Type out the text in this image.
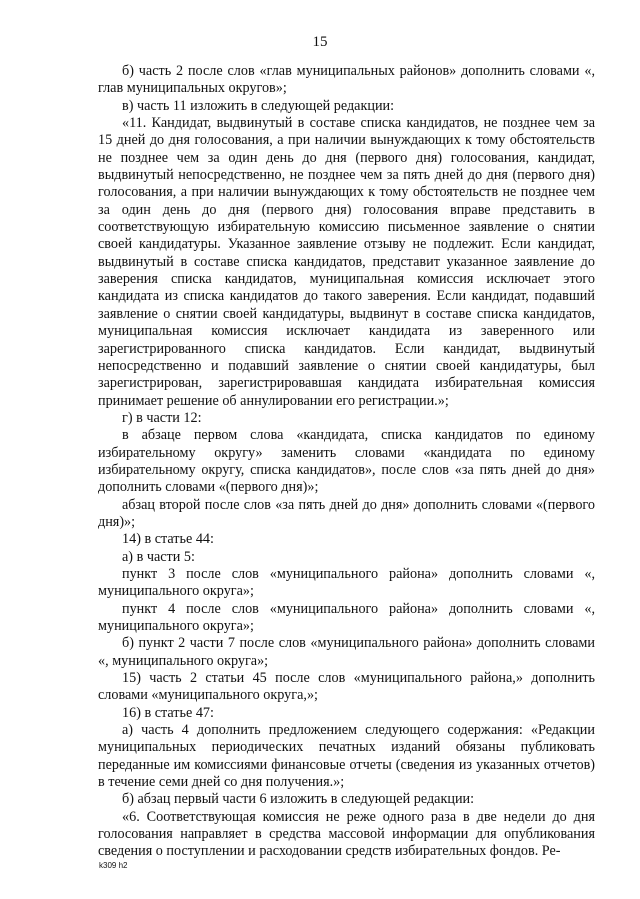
15

б) часть 2 после слов «глав муниципальных районов» дополнить словами «, глав муниципальных округов»;

в) часть 11 изложить в следующей редакции:

«11. Кандидат, выдвинутый в составе списка кандидатов, не позднее чем за 15 дней до дня голосования, а при наличии вынуждающих к тому обстоятельств не позднее чем за один день до дня (первого дня) голосования, кандидат, выдвинутый непосредственно, не позднее чем за пять дней до дня (первого дня) голосования, а при наличии вынуждающих к тому обстоятельств не позднее чем за один день до дня (первого дня) голосования вправе представить в соответствующую избирательную комиссию письменное заявление о снятии своей кандидатуры. Указанное заявление отзыву не подлежит. Если кандидат, выдвинутый в составе списка кандидатов, представит указанное заявление до заверения списка кандидатов, муниципальная комиссия исключает этого кандидата из списка кандидатов до такого заверения. Если кандидат, подавший заявление о снятии своей кандидатуры, выдвинут в составе списка кандидатов, муниципальная комиссия исключает кандидата из заверенного или зарегистрированного списка кандидатов. Если кандидат, выдвинутый непосредственно и подавший заявление о снятии своей кандидатуры, был зарегистрирован, зарегистрировавшая кандидата избирательная комиссия принимает решение об аннулировании его регистрации.»;

г) в части 12:

в абзаце первом слова «кандидата, списка кандидатов по единому избирательному округу» заменить словами «кандидата по единому избирательному округу, списка кандидатов», после слов «за пять дней до дня» дополнить словами «(первого дня)»;

абзац второй после слов «за пять дней до дня» дополнить словами «(первого дня)»;

14) в статье 44:

а) в части 5:

пункт 3 после слов «муниципального района» дополнить словами «, муниципального округа»;

пункт 4 после слов «муниципального района» дополнить словами «, муниципального округа»;

б) пункт 2 части 7 после слов «муниципального района» дополнить словами «, муниципального округа»;

15) часть 2 статьи 45 после слов «муниципального района,» дополнить словами «муниципального округа,»;

16) в статье 47:

а) часть 4 дополнить предложением следующего содержания: «Редакции муниципальных периодических печатных изданий обязаны публиковать переданные им комиссиями финансовые отчеты (сведения из указанных отчетов) в течение семи дней со дня получения.»;

б) абзац первый части 6 изложить в следующей редакции:

«6. Соответствующая комиссия не реже одного раза в две недели до дня голосования направляет в средства массовой информации для опубликования сведения о поступлении и расходовании средств избирательных фондов. Ре-

k309 h2
